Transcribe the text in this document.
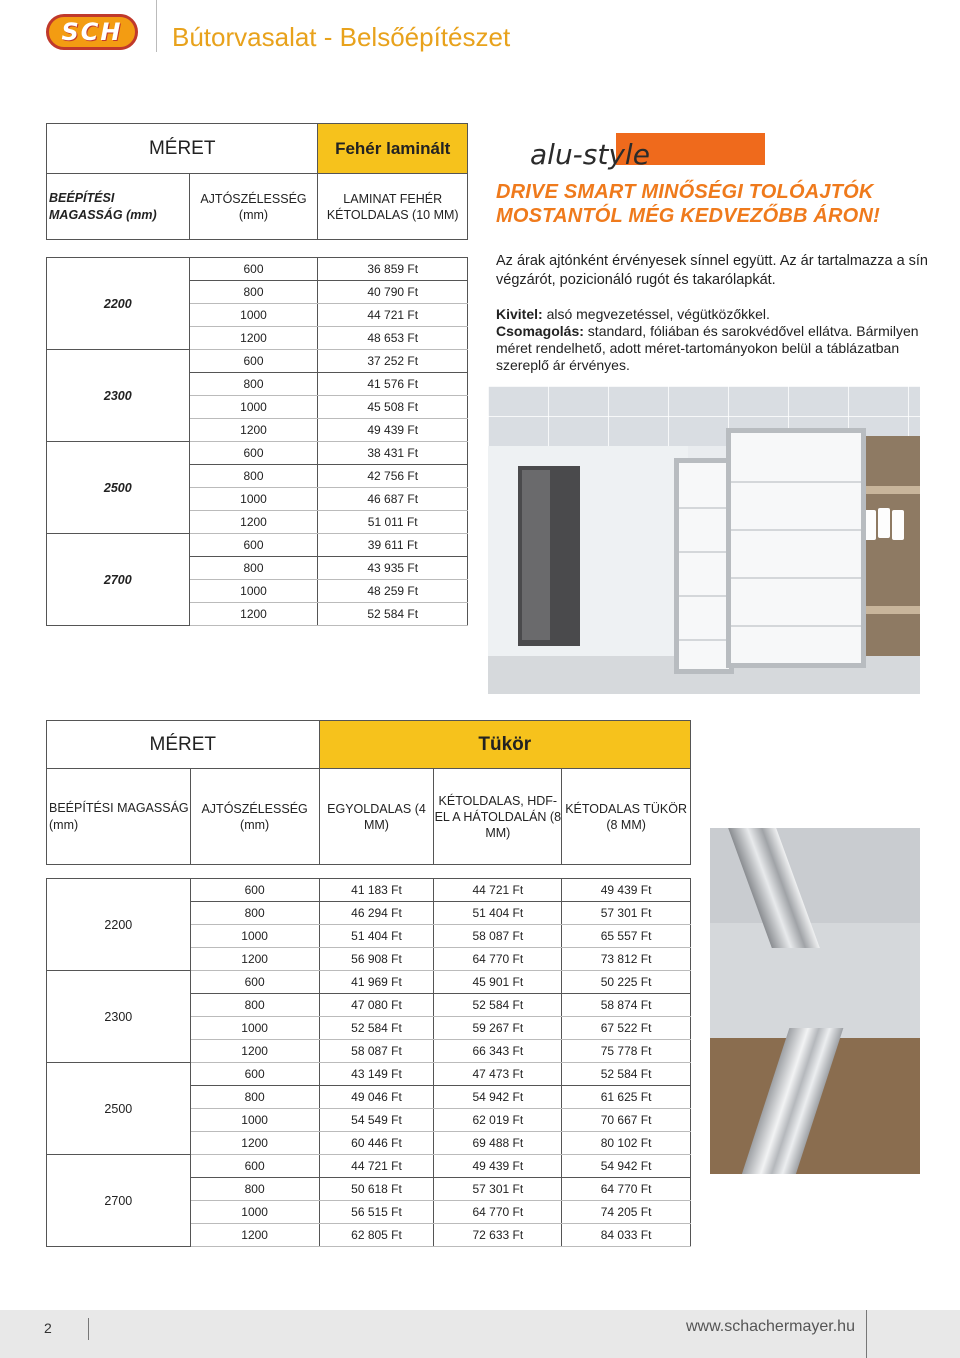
SCH Bútorvasalat - Belsőépítészet
MÉRET		Fehér laminált
BEÉPÍTÉSI MAGASSÁG (mm)	AJTÓSZÉLESSÉG (mm)	LAMINAT FEHÉR KÉTOLDALAS (10 MM)

2200	600	36 859 Ft
	800	40 790 Ft
	1000	44 721 Ft
	1200	48 653 Ft
2300	600	37 252 Ft
	800	41 576 Ft
	1000	45 508 Ft
	1200	49 439 Ft
2500	600	38 431 Ft
	800	42 756 Ft
	1000	46 687 Ft
	1200	51 011 Ft
2700	600	39 611 Ft
	800	43 935 Ft
	1000	48 259 Ft
	1200	52 584 Ft
alu-style
DRIVE SMART MINŐSÉGI TOLÓAJTÓK
MOSTANTÓL MÉG KEDVEZŐBB ÁRON!
Az árak ajtónként érvényesek sínnel együtt. Az ár tartalmazza a sín végzárót, pozicionáló rugót és takarólapkát.
Kivitel: alsó megvezetéssel, végütközőkkel.
Csomagolás: standard, fóliában és sarokvédővel ellátva. Bármilyen méret rendelhető, adott méret-tartományokon belül a táblázatban szereplő ár érvényes.
MÉRET		Tükör		
BEÉPÍTÉSI MAGASSÁG (mm)	AJTÓSZÉLESSÉG (mm)	EGYOLDALAS (4 MM)	KÉTOLDALAS, HDF-EL A HÁTOLDALÁN (8 MM)	KÉTODALAS TÜKÖR (8 MM)

2200	600	41 183 Ft	44 721 Ft	49 439 Ft
	800	46 294 Ft	51 404 Ft	57 301 Ft
	1000	51 404 Ft	58 087 Ft	65 557 Ft
	1200	56 908 Ft	64 770 Ft	73 812 Ft
2300	600	41 969 Ft	45 901 Ft	50 225 Ft
	800	47 080 Ft	52 584 Ft	58 874 Ft
	1000	52 584 Ft	59 267 Ft	67 522 Ft
	1200	58 087 Ft	66 343 Ft	75 778 Ft
2500	600	43 149 Ft	47 473 Ft	52 584 Ft
	800	49 046 Ft	54 942 Ft	61 625 Ft
	1000	54 549 Ft	62 019 Ft	70 667 Ft
	1200	60 446 Ft	69 488 Ft	80 102 Ft
2700	600	44 721 Ft	49 439 Ft	54 942 Ft
	800	50 618 Ft	57 301 Ft	64 770 Ft
	1000	56 515 Ft	64 770 Ft	74 205 Ft
	1200	62 805 Ft	72 633 Ft	84 033 Ft
2	www.schachermayer.hu
